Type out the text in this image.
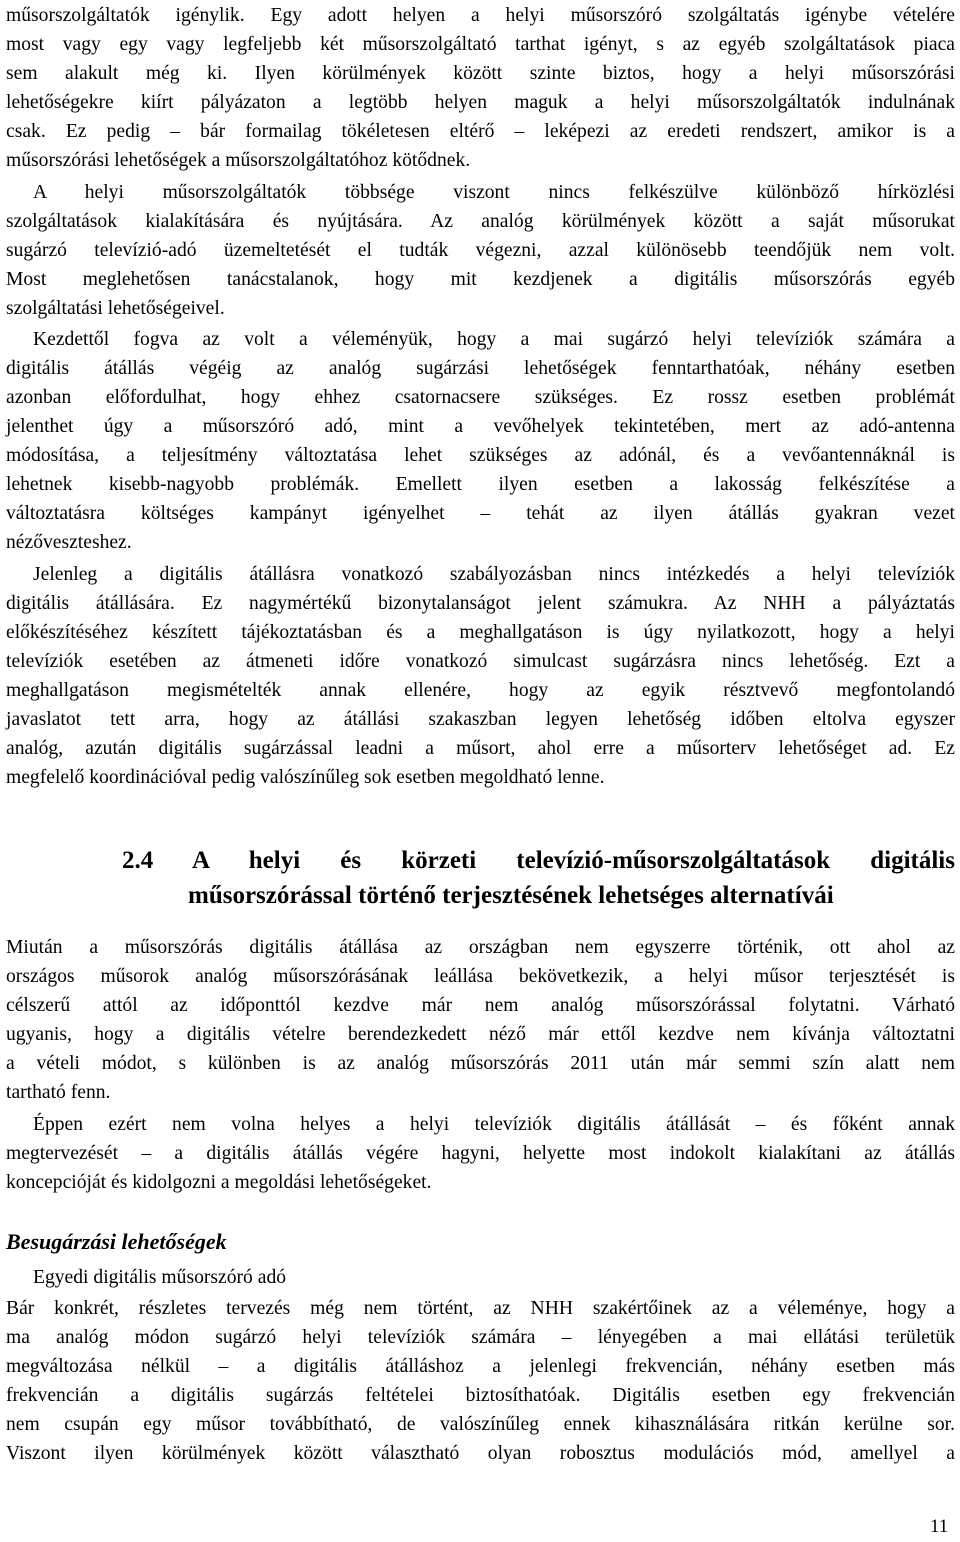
műsorszolgáltatók igénylik. Egy adott helyen a helyi műsorszóró szolgáltatás igénybe vételére
most vagy egy vagy legfeljebb két műsorszolgáltató tarthat igényt, s az egyéb szolgáltatások piaca
sem alakult még ki. Ilyen körülmények között szinte biztos, hogy a helyi műsorszórási
lehetőségekre kiírt pályázaton a legtöbb helyen maguk a helyi műsorszolgáltatók indulnának
csak. Ez pedig – bár formailag tökéletesen eltérő – leképezi az eredeti rendszert, amikor is a
műsorszórási lehetőségek a műsorszolgáltatóhoz kötődnek.
A helyi műsorszolgáltatók többsége viszont nincs felkészülve különböző hírközlési
szolgáltatások kialakítására és nyújtására. Az analóg körülmények között a saját műsorukat
sugárzó televízió-adó üzemeltetését el tudták végezni, azzal különösebb teendőjük nem volt.
Most meglehetősen tanácstalanok, hogy mit kezdjenek a digitális műsorszórás egyéb
szolgáltatási lehetőségeivel.
Kezdettől fogva az volt a véleményük, hogy a mai sugárzó helyi televíziók számára a
digitális átállás végéig az analóg sugárzási lehetőségek fenntarthatóak, néhány esetben
azonban előfordulhat, hogy ehhez csatornacsere szükséges. Ez rossz esetben problémát
jelenthet úgy a műsorszóró adó, mint a vevőhelyek tekintetében, mert az adó-antenna
módosítása, a teljesítmény változtatása lehet szükséges az adónál, és a vevőantennáknál is
lehetnek kisebb-nagyobb problémák. Emellett ilyen esetben a lakosság felkészítése a
változtatásra költséges kampányt igényelhet – tehát az ilyen átállás gyakran vezet
nézőveszteshez.
Jelenleg a digitális átállásra vonatkozó szabályozásban nincs intézkedés a helyi televíziók
digitális átállására. Ez nagymértékű bizonytalanságot jelent számukra. Az NHH a pályáztatás
előkészítéséhez készített tájékoztatásban és a meghallgatáson is úgy nyilatkozott, hogy a helyi
televíziók esetében az átmeneti időre vonatkozó simulcast sugárzásra nincs lehetőség. Ezt a
meghallgatáson megismételték annak ellenére, hogy az egyik résztvevő megfontolandó
javaslatot tett arra, hogy az átállási szakaszban legyen lehetőség időben eltolva egyszer
analóg, azután digitális sugárzással leadni a műsort, ahol erre a műsorterv lehetőséget ad. Ez
megfelelő koordinációval pedig valószínűleg sok esetben megoldható lenne.
2.4 A helyi és körzeti televízió-műsorszolgáltatások digitális
műsorszórással történő terjesztésének lehetséges alternatívái
Miután a műsorszórás digitális átállása az országban nem egyszerre történik, ott ahol az
országos műsorok analóg műsorszórásának leállása bekövetkezik, a helyi műsor terjesztését is
célszerű attól az időponttól kezdve már nem analóg műsorszórással folytatni. Várható
ugyanis, hogy a digitális vételre berendezkedett néző már ettől kezdve nem kívánja változtatni
a vételi módot, s különben is az analóg műsorszórás 2011 után már semmi szín alatt nem
tartható fenn.
Éppen ezért nem volna helyes a helyi televíziók digitális átállását – és főként annak
megtervezését – a digitális átállás végére hagyni, helyette most indokolt kialakítani az átállás
koncepcióját és kidolgozni a megoldási lehetőségeket.
Besugárzási lehetőségek
Egyedi digitális műsorszóró adó
Bár konkrét, részletes tervezés még nem történt, az NHH szakértőinek az a véleménye, hogy a
ma analóg módon sugárzó helyi televíziók számára – lényegében a mai ellátási területük
megváltozása nélkül – a digitális átálláshoz a jelenlegi frekvencián, néhány esetben más
frekvencián a digitális sugárzás feltételei biztosíthatóak. Digitális esetben egy frekvencián
nem csupán egy műsor továbbítható, de valószínűleg ennek kihasználására ritkán kerülne sor.
Viszont ilyen körülmények között választható olyan robosztus modulációs mód, amellyel a
11
